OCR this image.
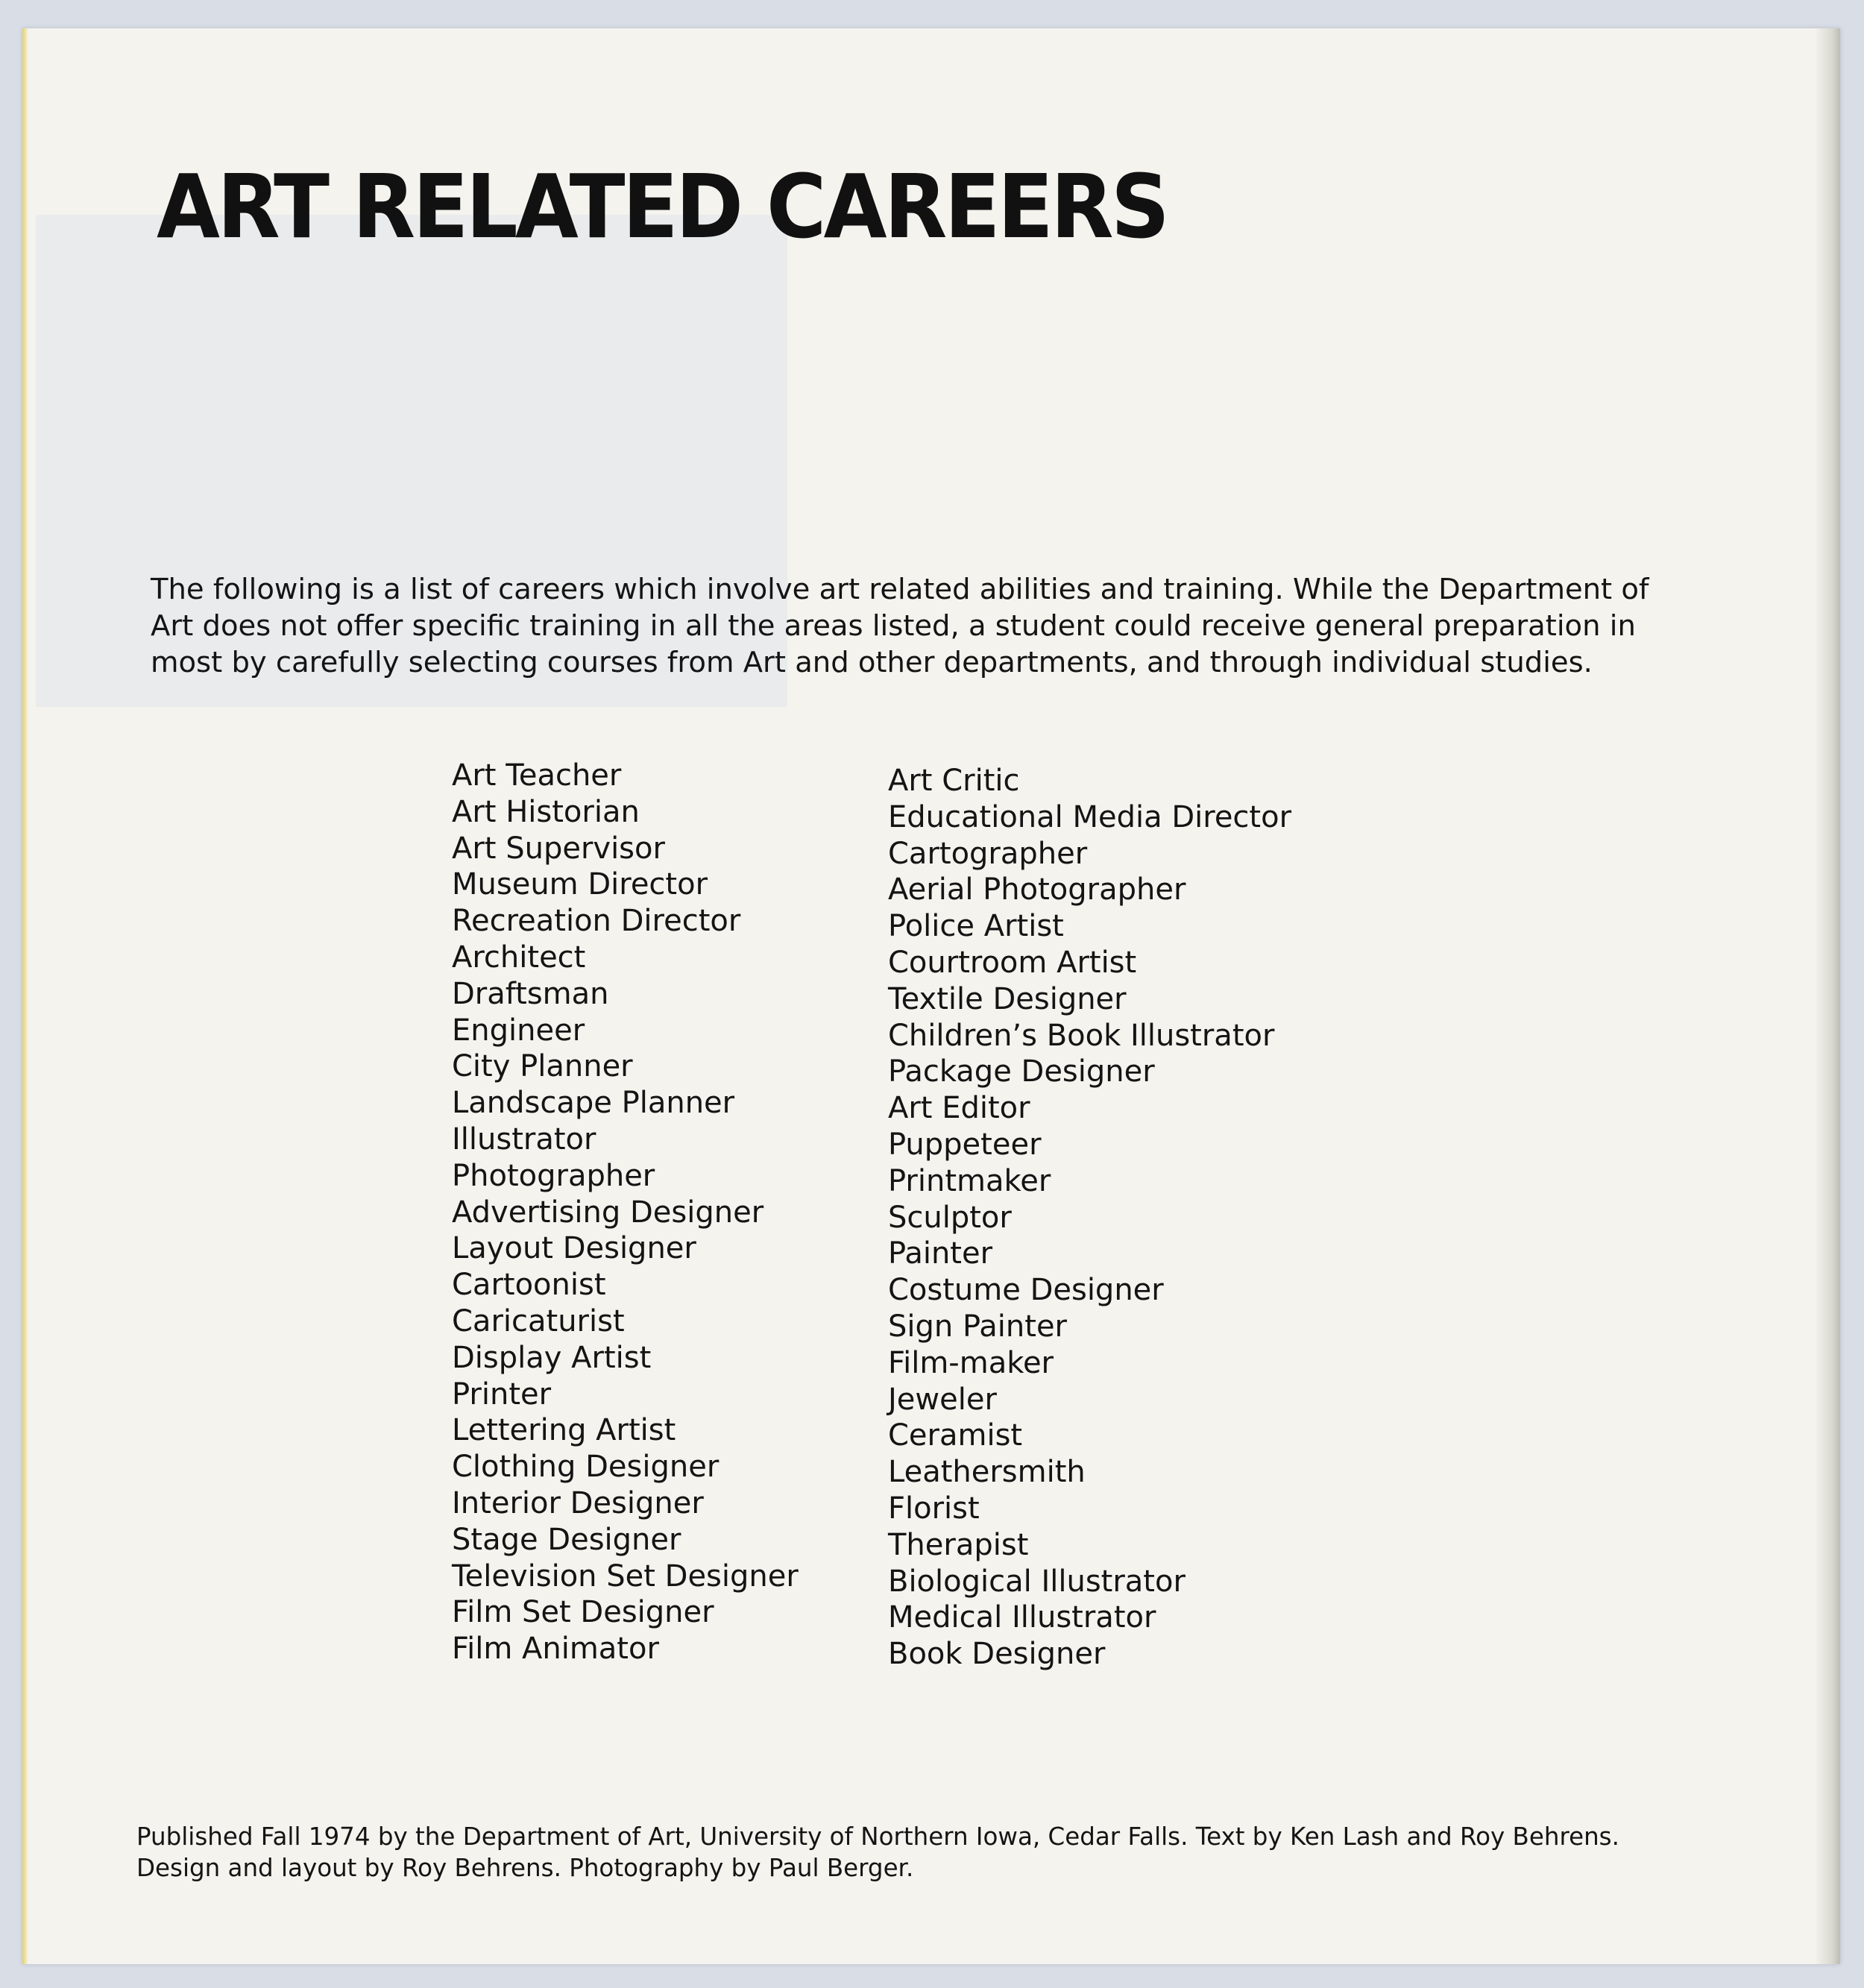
ART RELATED CAREERS

The following is a list of careers which involve art related abilities and training. While the Department of Art does not offer specific training in all the areas listed, a student could receive general preparation in most by carefully selecting courses from Art and other departments, and through individual studies.

Art Teacher
Art Historian
Art Supervisor
Museum Director
Recreation Director
Architect
Draftsman
Engineer
City Planner
Landscape Planner
Illustrator
Photographer
Advertising Designer
Layout Designer
Cartoonist
Caricaturist
Display Artist
Printer
Lettering Artist
Clothing Designer
Interior Designer
Stage Designer
Television Set Designer
Film Set Designer
Film Animator
Art Critic
Educational Media Director
Cartographer
Aerial Photographer
Police Artist
Courtroom Artist
Textile Designer
Children’s Book Illustrator
Package Designer
Art Editor
Puppeteer
Printmaker
Sculptor
Painter
Costume Designer
Sign Painter
Film-maker
Jeweler
Ceramist
Leathersmith
Florist
Therapist
Biological Illustrator
Medical Illustrator
Book Designer

Published Fall 1974 by the Department of Art, University of Northern Iowa, Cedar Falls. Text by Ken Lash and Roy Behrens. Design and layout by Roy Behrens. Photography by Paul Berger.
